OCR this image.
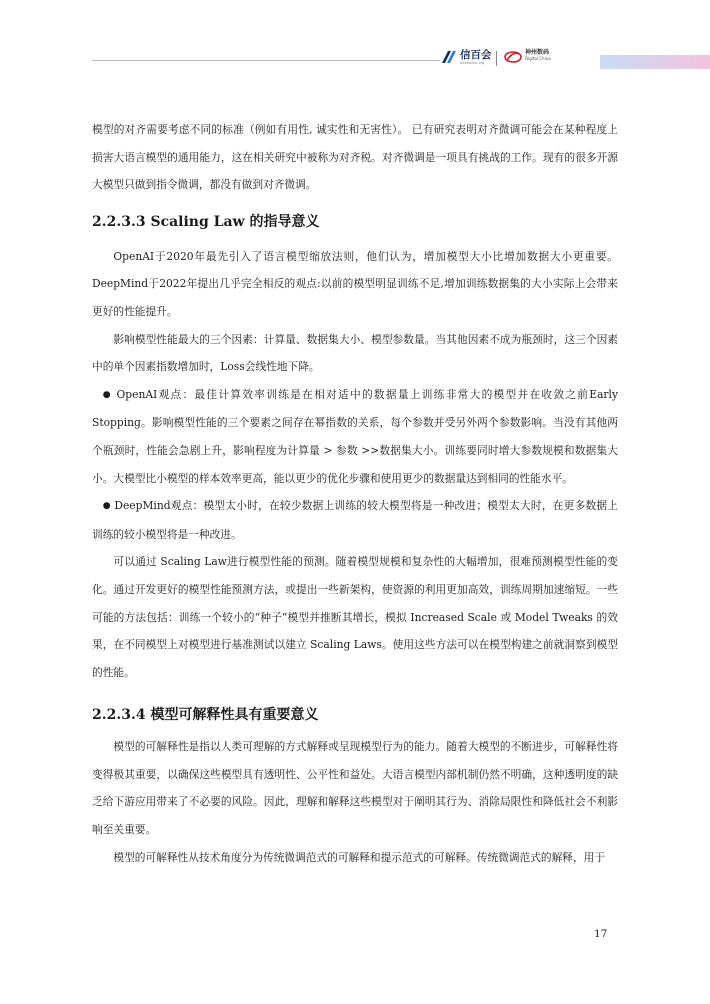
信百会
Infobaihui.org
神州数码
Digital China

模型的对齐需要考虑不同的标准（例如有用性, 诚实性和无害性）。 已有研究表明对齐微调可能会在某种程度上损害大语言模型的通用能力，这在相关研究中被称为对齐税。对齐微调是一项具有挑战的工作。现有的很多开源大模型只做到指令微调，都没有做到对齐微调。

2.2.3.3 Scaling Law 的指导意义

OpenAI于2020年最先引入了语言模型缩放法则，他们认为，增加模型大小比增加数据大小更重要。DeepMind于2022年提出几乎完全相反的观点:以前的模型明显训练不足,增加训练数据集的大小实际上会带来更好的性能提升。

影响模型性能最大的三个因素：计算量、数据集大小、模型参数量。当其他因素不成为瓶颈时，这三个因素中的单个因素指数增加时，Loss会线性地下降。

● OpenAI观点：最佳计算效率训练是在相对适中的数据量上训练非常大的模型并在收敛之前Early Stopping。影响模型性能的三个要素之间存在幂指数的关系，每个参数并受另外两个参数影响。当没有其他两个瓶颈时，性能会急剧上升，影响程度为计算量 > 参数 >>数据集大小。训练要同时增大参数规模和数据集大小。大模型比小模型的样本效率更高，能以更少的优化步骤和使用更少的数据量达到相同的性能水平。

● DeepMind观点：模型太小时，在较少数据上训练的较大模型将是一种改进；模型太大时，在更多数据上训练的较小模型将是一种改进。

可以通过 Scaling Law进行模型性能的预测。随着模型规模和复杂性的大幅增加，很难预测模型性能的变化。通过开发更好的模型性能预测方法，或提出一些新架构，使资源的利用更加高效，训练周期加速缩短。一些可能的方法包括：训练一个较小的“种子”模型并推断其增长，模拟 Increased Scale 或 Model Tweaks 的效果，在不同模型上对模型进行基准测试以建立 Scaling Laws。使用这些方法可以在模型构建之前就洞察到模型的性能。

2.2.3.4 模型可解释性具有重要意义

模型的可解释性是指以人类可理解的方式解释或呈现模型行为的能力。随着大模型的不断进步，可解释性将变得极其重要，以确保这些模型具有透明性、公平性和益处。大语言模型内部机制仍然不明确，这种透明度的缺乏给下游应用带来了不必要的风险。因此，理解和解释这些模型对于阐明其行为、消除局限性和降低社会不利影响至关重要。

模型的可解释性从技术角度分为传统微调范式的可解释和提示范式的可解释。传统微调范式的解释，用于

17
